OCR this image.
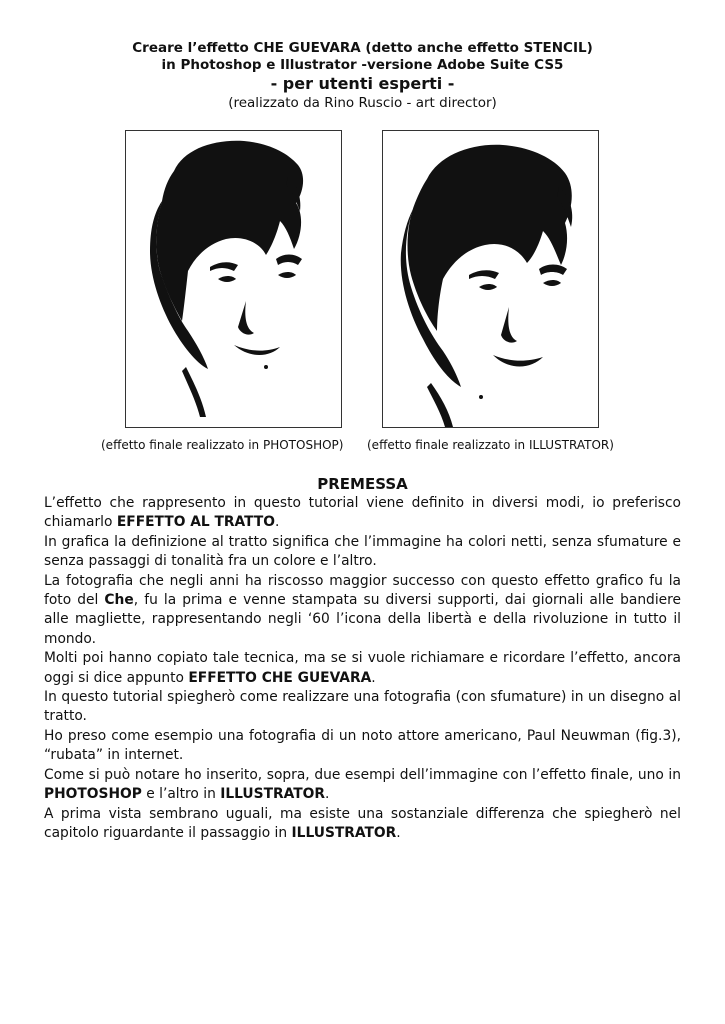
Creare l’effetto CHE GUEVARA (detto anche effetto STENCIL)
in Photoshop e Illustrator -versione Adobe Suite CS5
- per utenti esperti -
(realizzato da Rino Ruscio - art director)
(effetto finale realizzato in PHOTOSHOP) (effetto finale realizzato in ILLUSTRATOR)
PREMESSA

L’effetto che rappresento in questo tutorial viene definito in diversi modi, io preferisco chiamarlo EFFETTO AL TRATTO.

In grafica la definizione al tratto significa che l’immagine ha colori netti, senza sfumature e senza passaggi di tonalità fra un colore e l’altro.

La fotografia che negli anni ha riscosso maggior successo con questo effetto grafico fu la foto del Che, fu la prima e venne stampata su diversi supporti, dai giornali alle bandiere alle magliette, rappresentando negli ‘60 l’icona della libertà e della rivoluzione in tutto il mondo.

Molti poi hanno copiato tale tecnica, ma se si vuole richiamare e ricordare l’effetto, ancora oggi si dice appunto EFFETTO CHE GUEVARA.

In questo tutorial spiegherò come realizzare una fotografia (con sfumature) in un disegno al tratto.

Ho preso come esempio una fotografia di un noto attore americano, Paul Neuwman (fig.3), “rubata” in internet.

Come si può notare ho inserito, sopra, due esempi dell’immagine con l’effetto finale, uno in PHOTOSHOP e l’altro in ILLUSTRATOR.

A prima vista sembrano uguali, ma esiste una sostanziale differenza che spiegherò nel capitolo riguardante il passaggio in ILLUSTRATOR.
